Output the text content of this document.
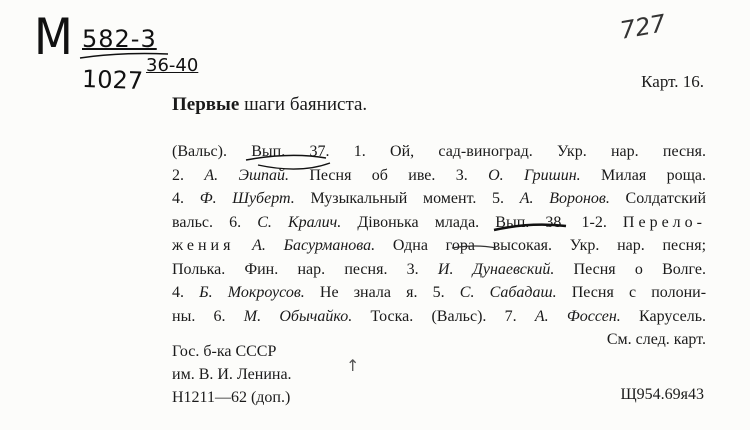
М 582-3
1027 36-40
727
Карт. 16.
Первые шаги баяниста.
(Вальс). Вып. 37. 1. Ой, сад-виноград. Укр. нар. песня.
2. А. Эшпай. Песня об иве. 3. О. Гришин. Милая роща.
4. Ф. Шуберт. Музыкальный момент. 5. А. Воронов. Солдатский
вальс. 6. С. Кралич. Дiвонька млада. Вып. 38. 1-2. Перело-
жения А. Басурманова. Одна гора высокая. Укр. нар. песня;
Полька. Фин. нар. песня. 3. И. Дунаевский. Песня о Волге.
4. Б. Мокроусов. Не знала я. 5. С. Сабадаш. Песня с полони-
ны. 6. М. Обычайко. Тоска. (Вальс). 7. А. Фоссен. Карусель.
См. след. карт.
Гос. б-ка СССР
им. В. И. Ленина.
Н1211—62 (доп.)
↑
Щ954.69я43
